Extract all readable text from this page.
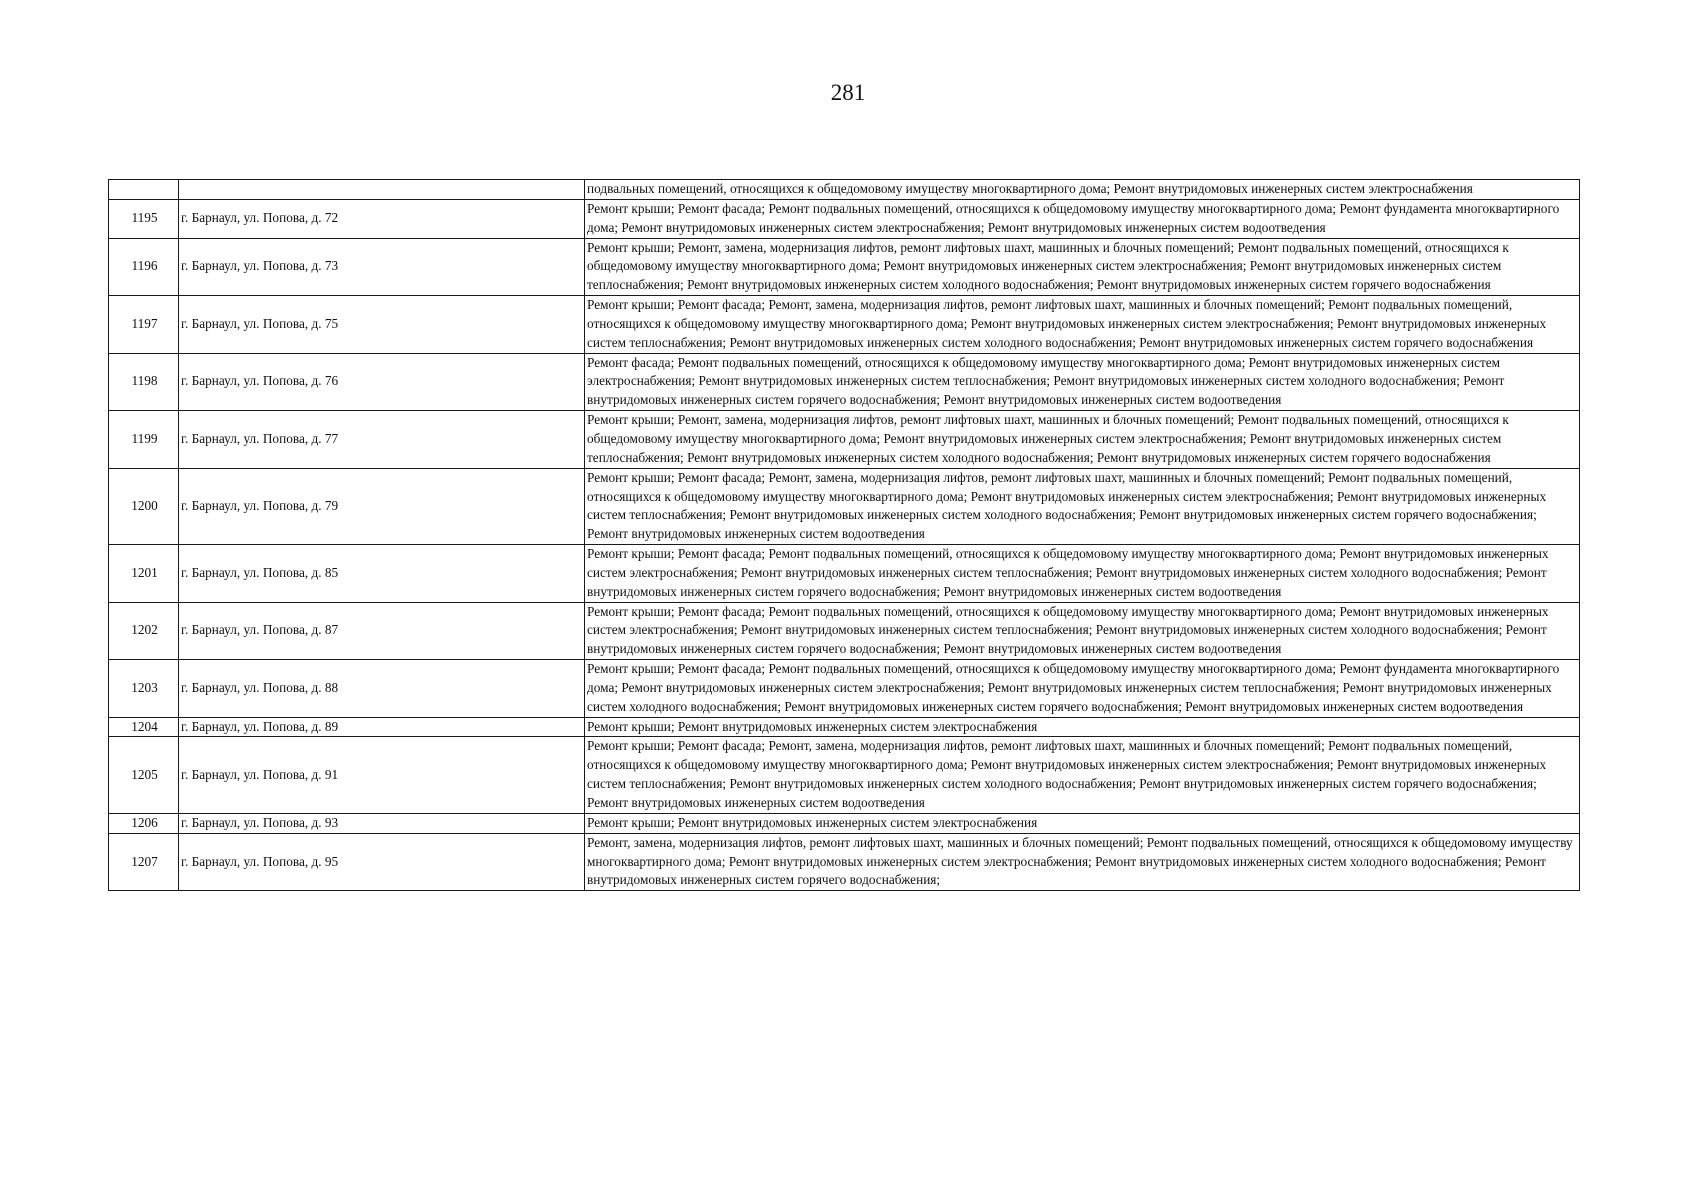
281
		подвальных помещений, относящихся к общедомовому имуществу многоквартирного дома; Ремонт внутридомовых инженерных систем электроснабжения
1195	г. Барнаул, ул. Попова, д. 72	Ремонт крыши; Ремонт фасада; Ремонт подвальных помещений, относящихся к общедомовому имуществу многоквартирного дома; Ремонт фундамента многоквартирного дома; Ремонт внутридомовых инженерных систем электроснабжения; Ремонт внутридомовых инженерных систем водоотведения
1196	г. Барнаул, ул. Попова, д. 73	Ремонт крыши; Ремонт, замена, модернизация лифтов, ремонт лифтовых шахт, машинных и блочных помещений; Ремонт подвальных помещений, относящихся к общедомовому имуществу многоквартирного дома; Ремонт внутридомовых инженерных систем электроснабжения; Ремонт внутридомовых инженерных систем теплоснабжения; Ремонт внутридомовых инженерных систем холодного водоснабжения; Ремонт внутридомовых инженерных систем горячего водоснабжения
1197	г. Барнаул, ул. Попова, д. 75	Ремонт крыши; Ремонт фасада; Ремонт, замена, модернизация лифтов, ремонт лифтовых шахт, машинных и блочных помещений; Ремонт подвальных помещений, относящихся к общедомовому имуществу многоквартирного дома; Ремонт внутридомовых инженерных систем электроснабжения; Ремонт внутридомовых инженерных систем теплоснабжения; Ремонт внутридомовых инженерных систем холодного водоснабжения; Ремонт внутридомовых инженерных систем горячего водоснабжения
1198	г. Барнаул, ул. Попова, д. 76	Ремонт фасада; Ремонт подвальных помещений, относящихся к общедомовому имуществу многоквартирного дома; Ремонт внутридомовых инженерных систем электроснабжения; Ремонт внутридомовых инженерных систем теплоснабжения; Ремонт внутридомовых инженерных систем холодного водоснабжения; Ремонт внутридомовых инженерных систем горячего водоснабжения; Ремонт внутридомовых инженерных систем водоотведения
1199	г. Барнаул, ул. Попова, д. 77	Ремонт крыши; Ремонт, замена, модернизация лифтов, ремонт лифтовых шахт, машинных и блочных помещений; Ремонт подвальных помещений, относящихся к общедомовому имуществу многоквартирного дома; Ремонт внутридомовых инженерных систем электроснабжения; Ремонт внутридомовых инженерных систем теплоснабжения; Ремонт внутридомовых инженерных систем холодного водоснабжения; Ремонт внутридомовых инженерных систем горячего водоснабжения
1200	г. Барнаул, ул. Попова, д. 79	Ремонт крыши; Ремонт фасада; Ремонт, замена, модернизация лифтов, ремонт лифтовых шахт, машинных и блочных помещений; Ремонт подвальных помещений, относящихся к общедомовому имуществу многоквартирного дома; Ремонт внутридомовых инженерных систем электроснабжения; Ремонт внутридомовых инженерных систем теплоснабжения; Ремонт внутридомовых инженерных систем холодного водоснабжения; Ремонт внутридомовых инженерных систем горячего водоснабжения; Ремонт внутридомовых инженерных систем водоотведения
1201	г. Барнаул, ул. Попова, д. 85	Ремонт крыши; Ремонт фасада; Ремонт подвальных помещений, относящихся к общедомовому имуществу многоквартирного дома; Ремонт внутридомовых инженерных систем электроснабжения; Ремонт внутридомовых инженерных систем теплоснабжения; Ремонт внутридомовых инженерных систем холодного водоснабжения; Ремонт внутридомовых инженерных систем горячего водоснабжения; Ремонт внутридомовых инженерных систем водоотведения
1202	г. Барнаул, ул. Попова, д. 87	Ремонт крыши; Ремонт фасада; Ремонт подвальных помещений, относящихся к общедомовому имуществу многоквартирного дома; Ремонт внутридомовых инженерных систем электроснабжения; Ремонт внутридомовых инженерных систем теплоснабжения; Ремонт внутридомовых инженерных систем холодного водоснабжения; Ремонт внутридомовых инженерных систем горячего водоснабжения; Ремонт внутридомовых инженерных систем водоотведения
1203	г. Барнаул, ул. Попова, д. 88	Ремонт крыши; Ремонт фасада; Ремонт подвальных помещений, относящихся к общедомовому имуществу многоквартирного дома; Ремонт фундамента многоквартирного дома; Ремонт внутридомовых инженерных систем электроснабжения; Ремонт внутридомовых инженерных систем теплоснабжения; Ремонт внутридомовых инженерных систем холодного водоснабжения; Ремонт внутридомовых инженерных систем горячего водоснабжения; Ремонт внутридомовых инженерных систем водоотведения
1204	г. Барнаул, ул. Попова, д. 89	Ремонт крыши; Ремонт внутридомовых инженерных систем электроснабжения
1205	г. Барнаул, ул. Попова, д. 91	Ремонт крыши; Ремонт фасада; Ремонт, замена, модернизация лифтов, ремонт лифтовых шахт, машинных и блочных помещений; Ремонт подвальных помещений, относящихся к общедомовому имуществу многоквартирного дома; Ремонт внутридомовых инженерных систем электроснабжения; Ремонт внутридомовых инженерных систем теплоснабжения; Ремонт внутридомовых инженерных систем холодного водоснабжения; Ремонт внутридомовых инженерных систем горячего водоснабжения; Ремонт внутридомовых инженерных систем водоотведения
1206	г. Барнаул, ул. Попова, д. 93	Ремонт крыши; Ремонт внутридомовых инженерных систем электроснабжения
1207	г. Барнаул, ул. Попова, д. 95	Ремонт, замена, модернизация лифтов, ремонт лифтовых шахт, машинных и блочных помещений; Ремонт подвальных помещений, относящихся к общедомовому имуществу многоквартирного дома; Ремонт внутридомовых инженерных систем электроснабжения; Ремонт внутридомовых инженерных систем холодного водоснабжения; Ремонт внутридомовых инженерных систем горячего водоснабжения;
